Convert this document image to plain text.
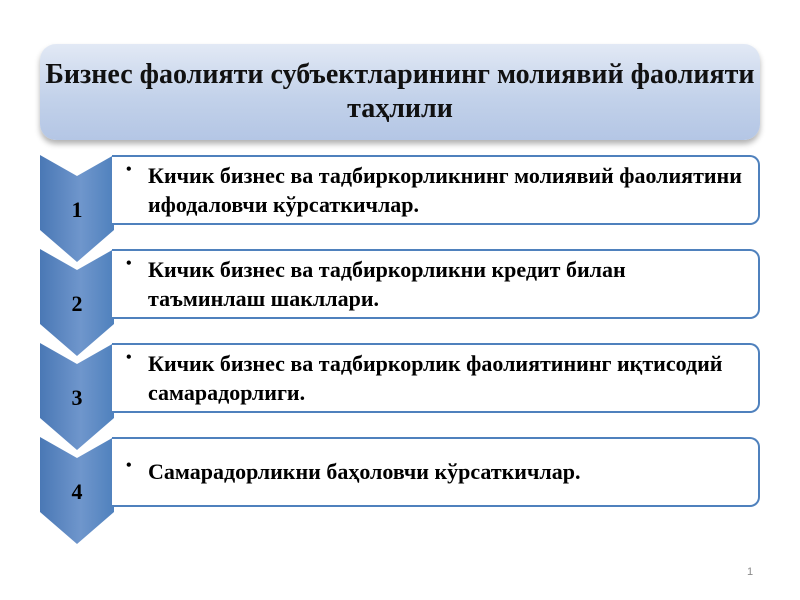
Бизнес фаолияти субъектларининг молиявий фаолияти таҳлили
1
2
3
4
• Кичик бизнес ва тадбиркорликнинг молиявий фаолиятини ифодаловчи кўрсаткичлар.
• Кичик бизнес ва тадбиркорликни кредит билан таъминлаш шакллари.
• Кичик бизнес ва тадбиркорлик фаолиятининг иқтисодий самарадорлиги.
• Самарадорликни баҳоловчи кўрсаткичлар.
1
